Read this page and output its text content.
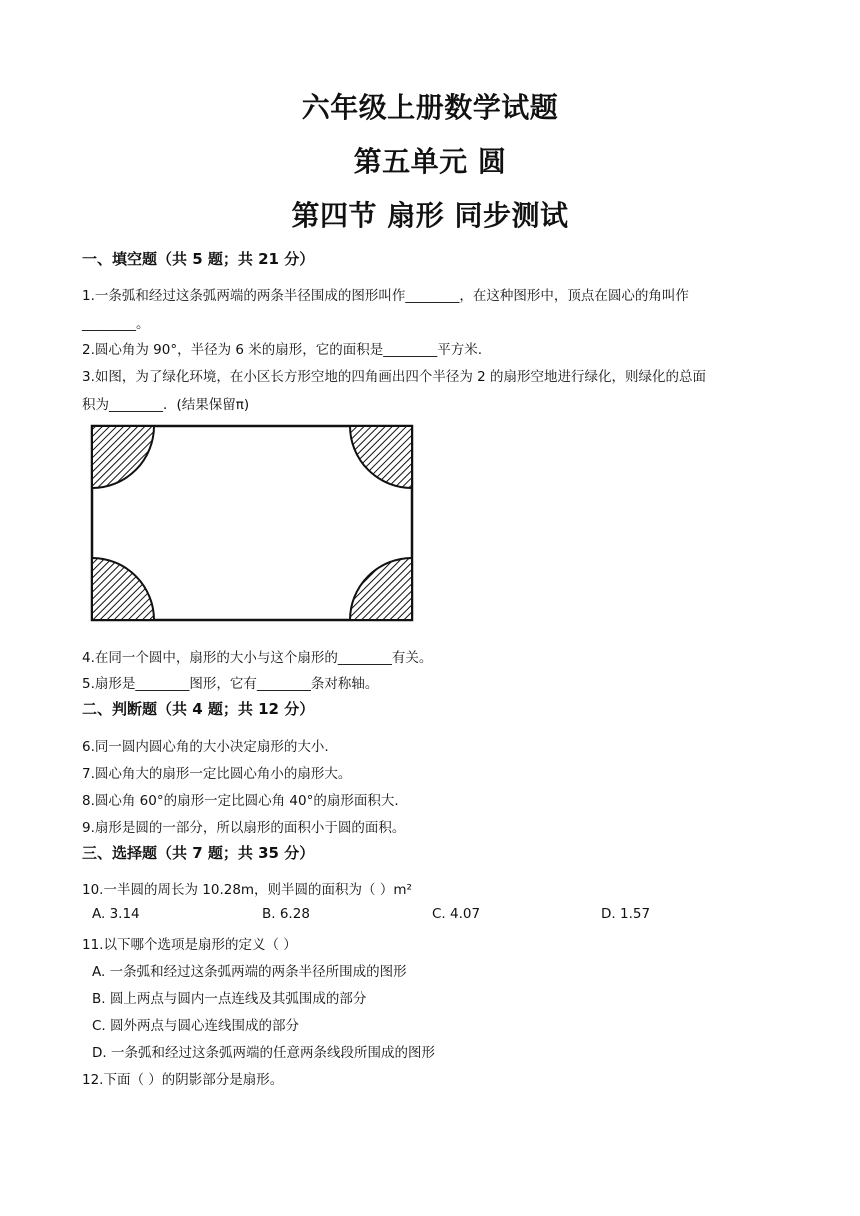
六年级上册数学试题
第五单元 圆
第四节 扇形 同步测试
一、填空题（共 5 题；共 21 分）
1.一条弧和经过这条弧两端的两条半径围成的图形叫作________，在这种图形中，顶点在圆心的角叫作
________。
2.圆心角为 90°，半径为 6 米的扇形，它的面积是________平方米.
3.如图，为了绿化环境，在小区长方形空地的四角画出四个半径为 2 的扇形空地进行绿化，则绿化的总面
积为________．(结果保留π)
4.在同一个圆中，扇形的大小与这个扇形的________有关。
5.扇形是________图形，它有________条对称轴。
二、判断题（共 4 题；共 12 分）
6.同一圆内圆心角的大小决定扇形的大小.
7.圆心角大的扇形一定比圆心角小的扇形大。
8.圆心角 60°的扇形一定比圆心角 40°的扇形面积大.
9.扇形是圆的一部分，所以扇形的面积小于圆的面积。
三、选择题（共 7 题；共 35 分）
10.一半圆的周长为 10.28m，则半圆的面积为（ ）m²
A. 3.14	B. 6.28	C. 4.07	D. 1.57
11.以下哪个选项是扇形的定义（ ）
A. 一条弧和经过这条弧两端的两条半径所围成的图形
B. 圆上两点与圆内一点连线及其弧围成的部分
C. 圆外两点与圆心连线围成的部分
D. 一条弧和经过这条弧两端的任意两条线段所围成的图形
12.下面（ ）的阴影部分是扇形。
